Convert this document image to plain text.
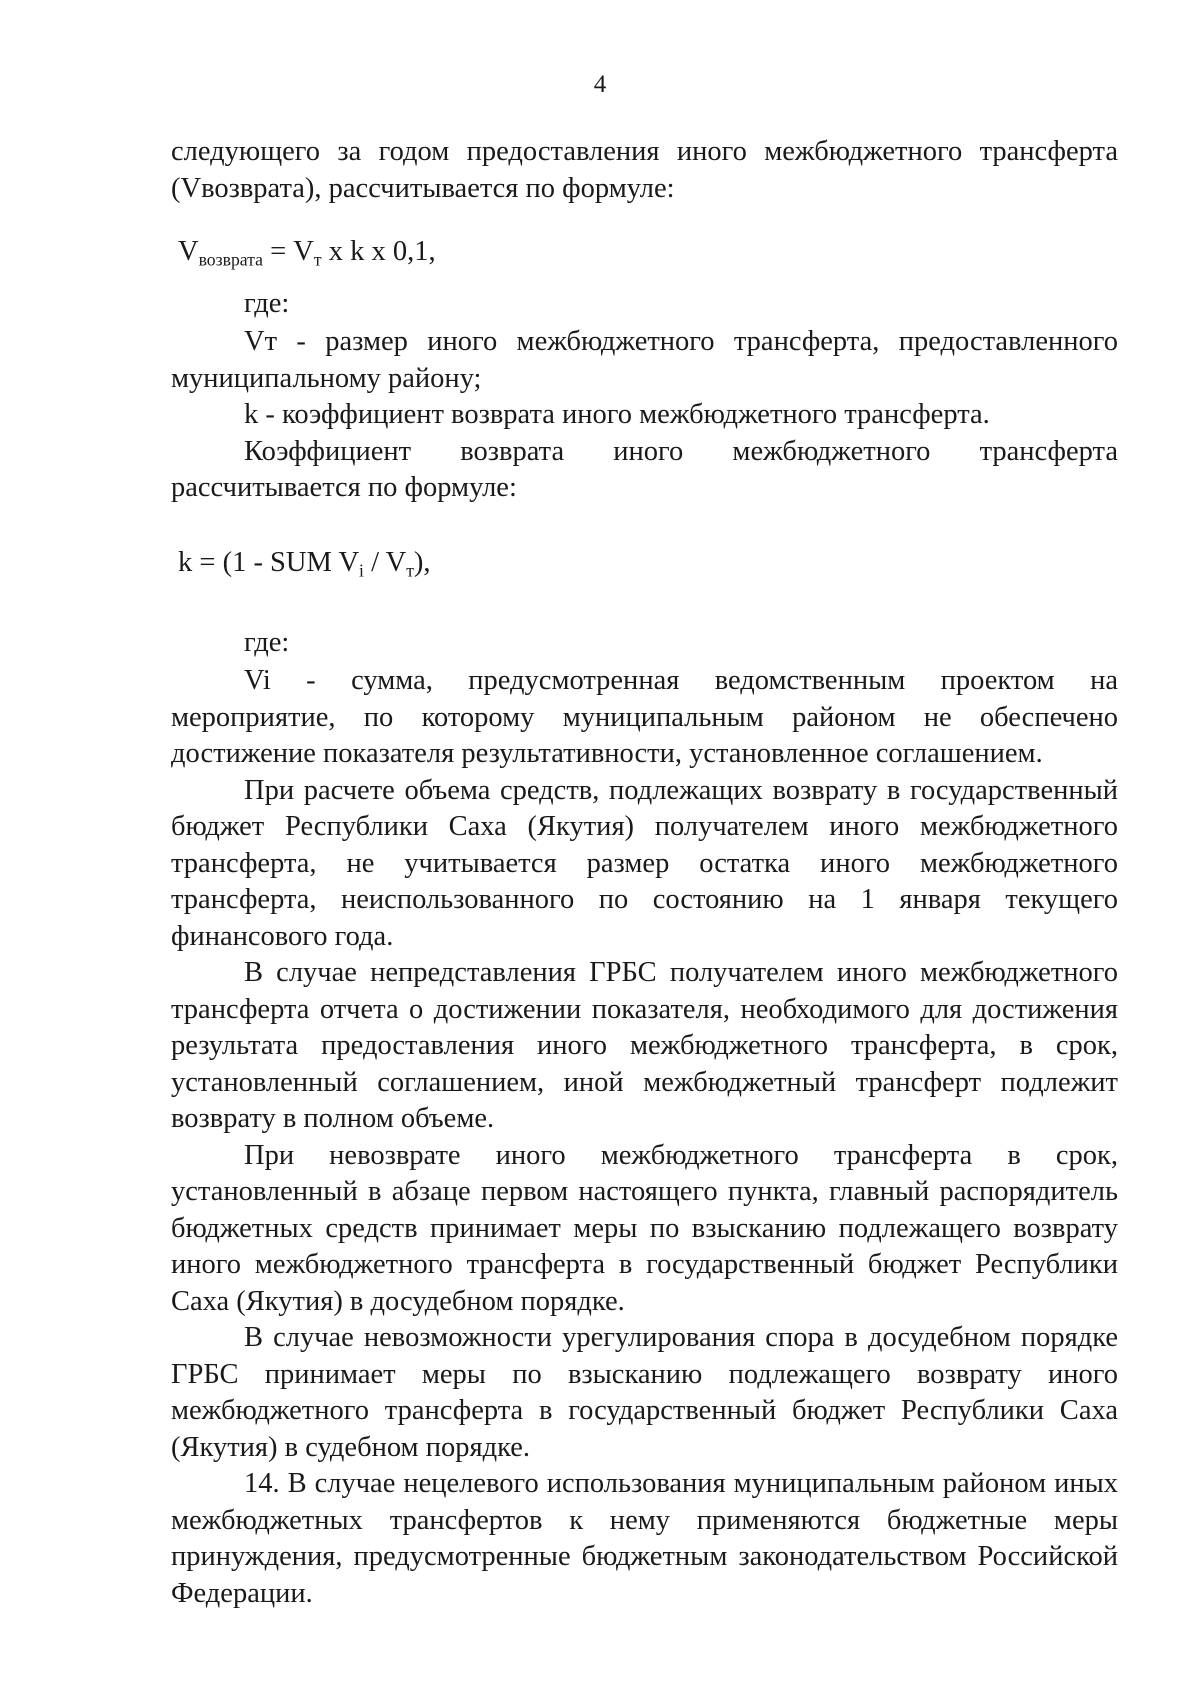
4

следующего за годом предоставления иного межбюджетного трансферта (Vвозврата), рассчитывается по формуле:

$V_{возврата} = V_т$ x k x 0,1,

где:

Vт - размер иного межбюджетного трансферта, предоставленного муниципальному району;

k - коэффициент возврата иного межбюджетного трансферта.

Коэффициент возврата иного межбюджетного трансферта рассчитывается по формуле:

k = (1 - SUM $V_i / V_т$),

где:

Vi - сумма, предусмотренная ведомственным проектом на мероприятие, по которому муниципальным районом не обеспечено достижение показателя результативности, установленное соглашением.

При расчете объема средств, подлежащих возврату в государственный бюджет Республики Саха (Якутия) получателем иного межбюджетного трансферта, не учитывается размер остатка иного межбюджетного трансферта, неиспользованного по состоянию на 1 января текущего финансового года.

В случае непредставления ГРБС получателем иного межбюджетного трансферта отчета о достижении показателя, необходимого для достижения результата предоставления иного межбюджетного трансферта, в срок, установленный соглашением, иной межбюджетный трансферт подлежит возврату в полном объеме.

При невозврате иного межбюджетного трансферта в срок, установленный в абзаце первом настоящего пункта, главный распорядитель бюджетных средств принимает меры по взысканию подлежащего возврату иного межбюджетного трансферта в государственный бюджет Республики Саха (Якутия) в досудебном порядке.

В случае невозможности урегулирования спора в досудебном порядке ГРБС принимает меры по взысканию подлежащего возврату иного межбюджетного трансферта в государственный бюджет Республики Саха (Якутия) в судебном порядке.

14. В случае нецелевого использования муниципальным районом иных межбюджетных трансфертов к нему применяются бюджетные меры принуждения, предусмотренные бюджетным законодательством Российской Федерации.
